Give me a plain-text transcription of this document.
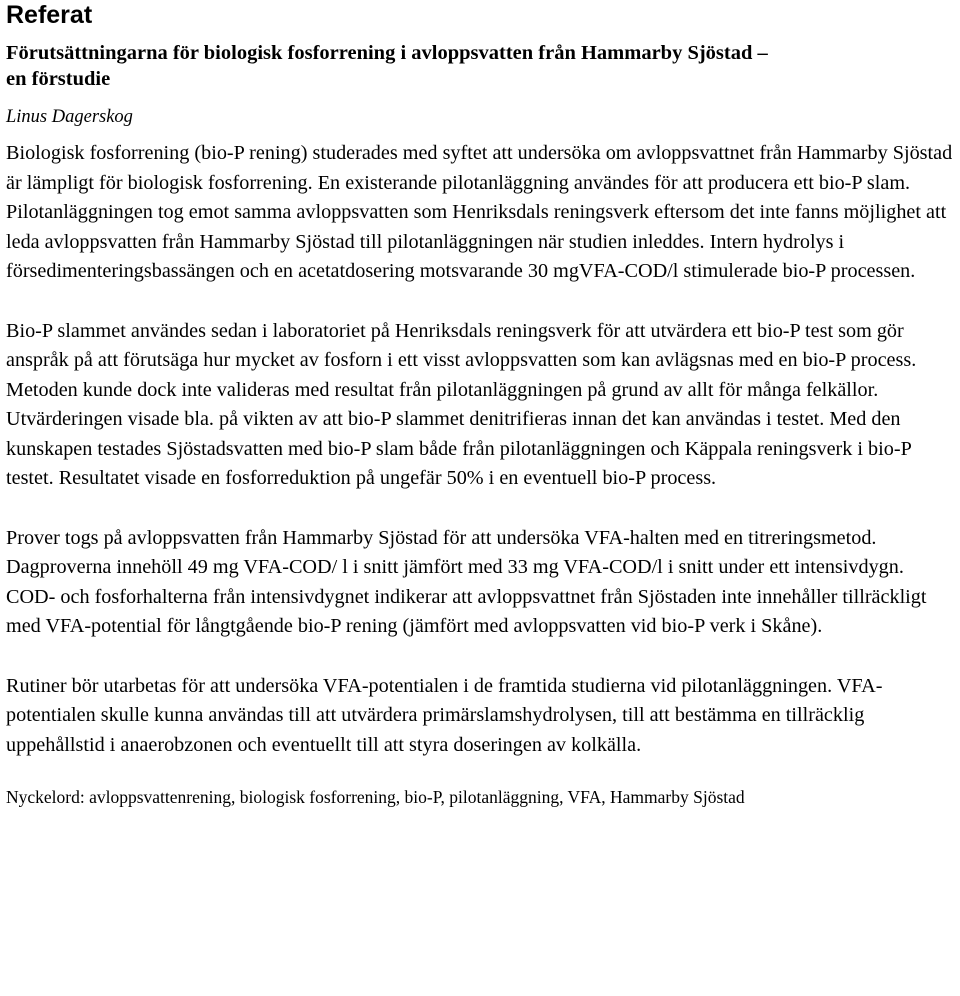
Referat
Förutsättningarna för biologisk fosforrening i avloppsvatten från Hammarby Sjöstad –
en förstudie
Linus Dagerskog

Biologisk fosforrening (bio-P rening) studerades med syftet att undersöka om avloppsvattnet från Hammarby Sjöstad är lämpligt för biologisk fosforrening. En existerande pilotanläggning användes för att producera ett bio-P slam. Pilotanläggningen tog emot samma avloppsvatten som Henriksdals reningsverk eftersom det inte fanns möjlighet att leda avloppsvatten från Hammarby Sjöstad till pilotanläggningen när studien inleddes. Intern hydrolys i försedimenteringsbassängen och en acetatdosering motsvarande 30 mgVFA-COD/l stimulerade bio-P processen.

Bio-P slammet användes sedan i laboratoriet på Henriksdals reningsverk för att utvärdera ett bio-P test som gör anspråk på att förutsäga hur mycket av fosforn i ett visst avloppsvatten som kan avlägsnas med en bio-P process. Metoden kunde dock inte valideras med resultat från pilotanläggningen på grund av allt för många felkällor. Utvärderingen visade bla. på vikten av att bio-P slammet denitrifieras innan det kan användas i testet. Med den kunskapen testades Sjöstadsvatten med bio-P slam både från pilotanläggningen och Käppala reningsverk i bio-P testet. Resultatet visade en fosforreduktion på ungefär 50% i en eventuell bio-P process.

Prover togs på avloppsvatten från Hammarby Sjöstad för att undersöka VFA-halten med en titreringsmetod. Dagproverna innehöll 49 mg VFA-COD/ l i snitt jämfört med 33 mg VFA-COD/l i snitt under ett intensivdygn. COD- och fosforhalterna från intensivdygnet indikerar att avloppsvattnet från Sjöstaden inte innehåller tillräckligt med VFA-potential för långtgående bio-P rening (jämfört med avloppsvatten vid bio-P verk i Skåne).

Rutiner bör utarbetas för att undersöka VFA-potentialen i de framtida studierna vid pilotanläggningen. VFA-potentialen skulle kunna användas till att utvärdera primärslamshydrolysen, till att bestämma en tillräcklig uppehållstid i anaerobzonen och eventuellt till att styra doseringen av kolkälla.

Nyckelord: avloppsvattenrening, biologisk fosforrening, bio-P, pilotanläggning, VFA, Hammarby Sjöstad
